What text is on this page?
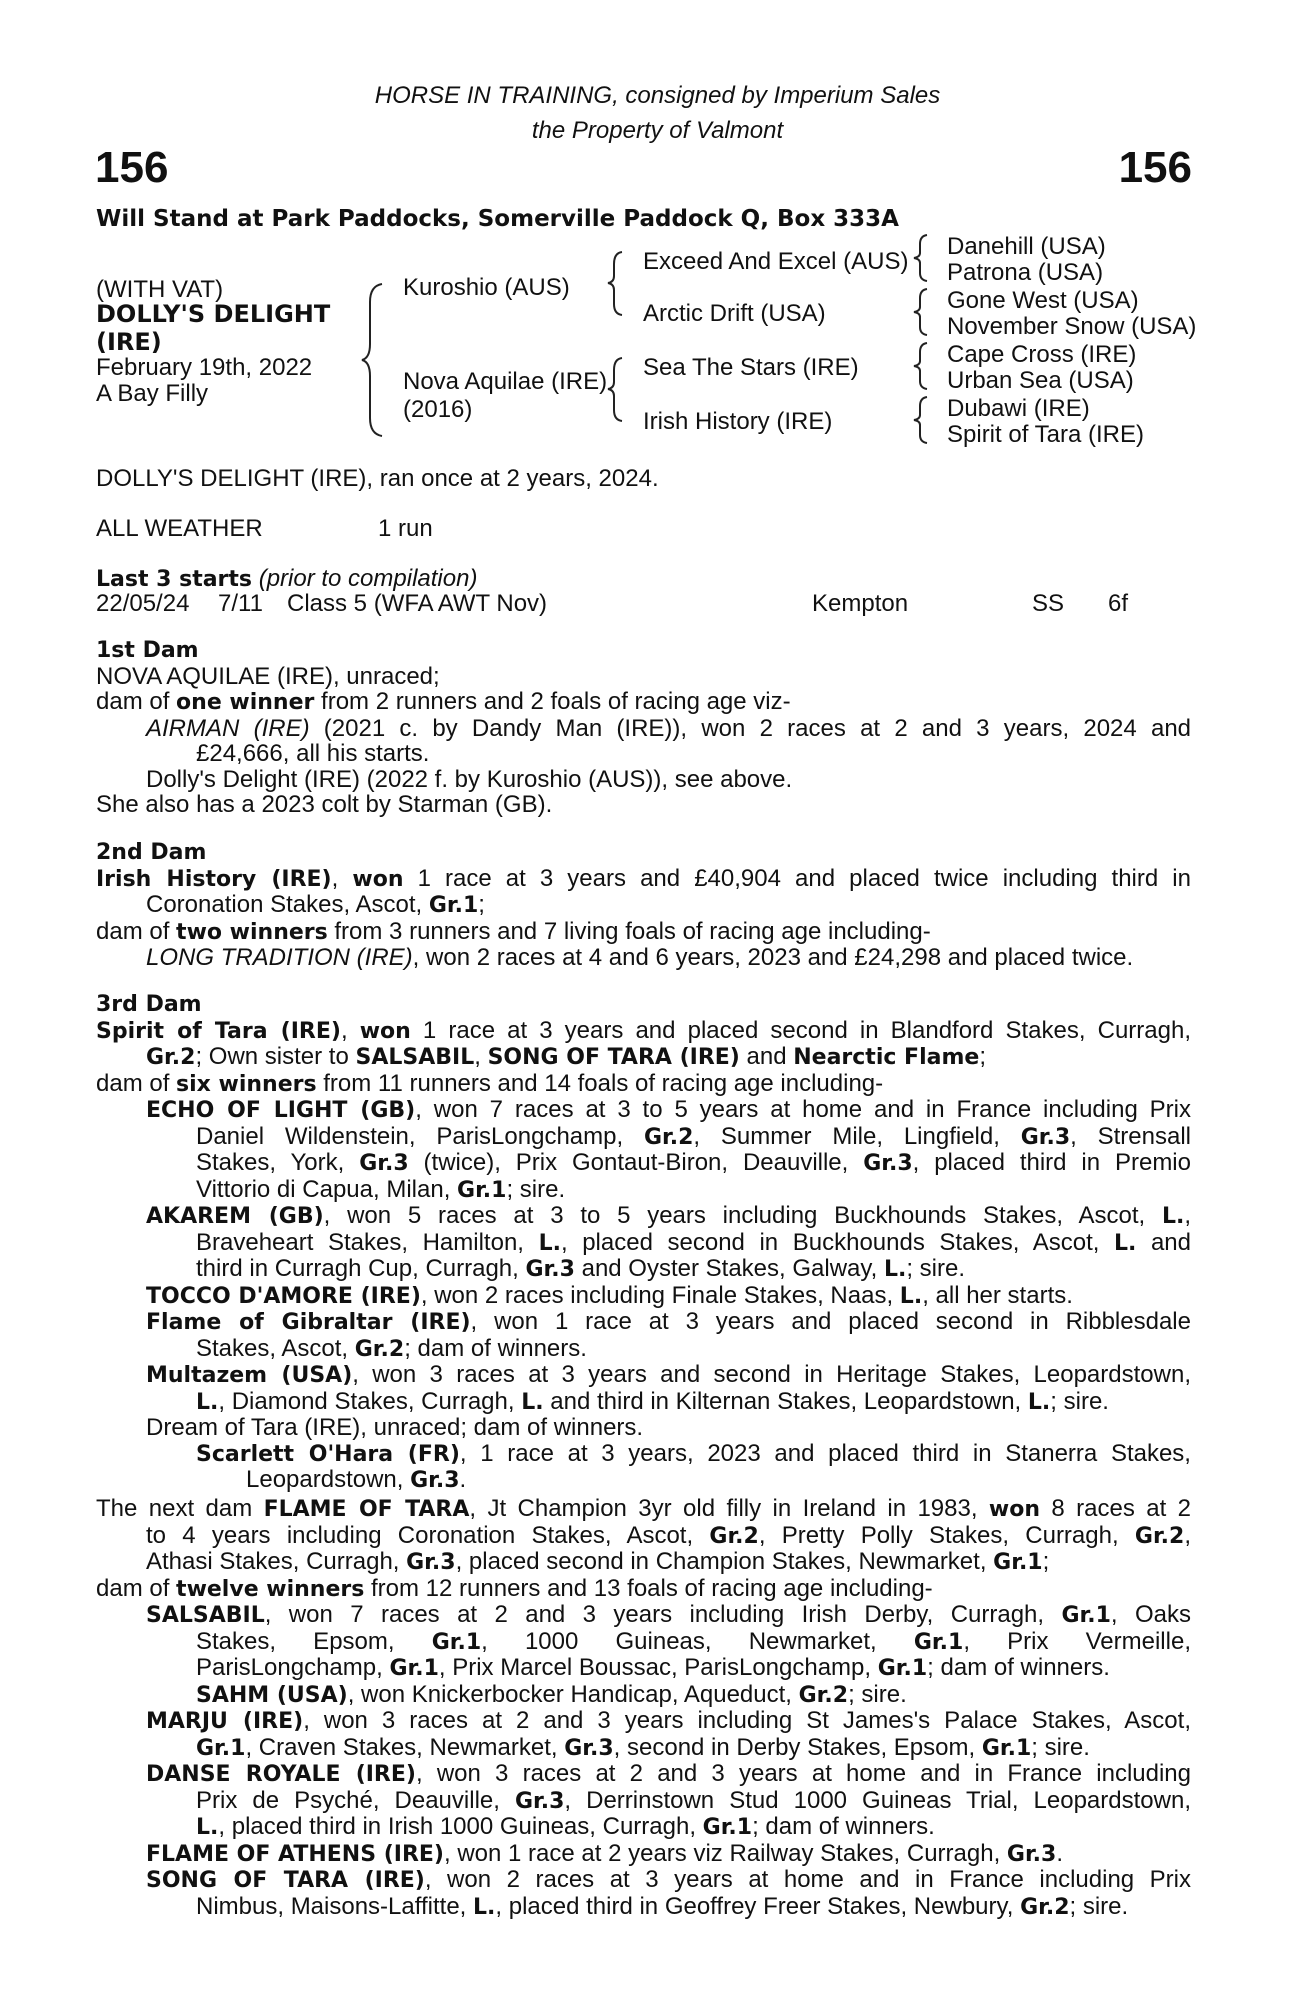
HORSE IN TRAINING, consigned by Imperium Sales
the Property of Valmont
156	156
Will Stand at Park Paddocks, Somerville Paddock Q, Box 333A
(WITH VAT)
DOLLY'S DELIGHT
(IRE)
February 19th, 2022
A Bay Filly
Kuroshio (AUS)
Nova Aquilae (IRE)
(2016)
Exceed And Excel (AUS)
Arctic Drift (USA)
Sea The Stars (IRE)
Irish History (IRE)
Danehill (USA)
Patrona (USA)
Gone West (USA)
November Snow (USA)
Cape Cross (IRE)
Urban Sea (USA)
Dubawi (IRE)
Spirit of Tara (IRE)
DOLLY'S DELIGHT (IRE), ran once at 2 years, 2024.
ALL WEATHER	1 run
Last 3 starts (prior to compilation)
22/05/24 7/11 Class 5 (WFA AWT Nov)	Kempton	SS 6f
1st Dam
NOVA AQUILAE (IRE), unraced;
dam of one winner from 2 runners and 2 foals of racing age viz-
AIRMAN (IRE) (2021 c. by Dandy Man (IRE)), won 2 races at 2 and 3 years, 2024 and
£24,666, all his starts.
Dolly's Delight (IRE) (2022 f. by Kuroshio (AUS)), see above.
She also has a 2023 colt by Starman (GB).
2nd Dam
Irish History (IRE), won 1 race at 3 years and £40,904 and placed twice including third in
Coronation Stakes, Ascot, Gr.1;
dam of two winners from 3 runners and 7 living foals of racing age including-
LONG TRADITION (IRE), won 2 races at 4 and 6 years, 2023 and £24,298 and placed twice.
3rd Dam
Spirit of Tara (IRE), won 1 race at 3 years and placed second in Blandford Stakes, Curragh,
Gr.2; Own sister to SALSABIL, SONG OF TARA (IRE) and Nearctic Flame;
dam of six winners from 11 runners and 14 foals of racing age including-
ECHO OF LIGHT (GB), won 7 races at 3 to 5 years at home and in France including Prix
Daniel Wildenstein, ParisLongchamp, Gr.2, Summer Mile, Lingfield, Gr.3, Strensall
Stakes, York, Gr.3 (twice), Prix Gontaut-Biron, Deauville, Gr.3, placed third in Premio
Vittorio di Capua, Milan, Gr.1; sire.
AKAREM (GB), won 5 races at 3 to 5 years including Buckhounds Stakes, Ascot, L.,
Braveheart Stakes, Hamilton, L., placed second in Buckhounds Stakes, Ascot, L. and
third in Curragh Cup, Curragh, Gr.3 and Oyster Stakes, Galway, L.; sire.
TOCCO D'AMORE (IRE), won 2 races including Finale Stakes, Naas, L., all her starts.
Flame of Gibraltar (IRE), won 1 race at 3 years and placed second in Ribblesdale
Stakes, Ascot, Gr.2; dam of winners.
Multazem (USA), won 3 races at 3 years and second in Heritage Stakes, Leopardstown,
L., Diamond Stakes, Curragh, L. and third in Kilternan Stakes, Leopardstown, L.; sire.
Dream of Tara (IRE), unraced; dam of winners.
Scarlett O'Hara (FR), 1 race at 3 years, 2023 and placed third in Stanerra Stakes,
Leopardstown, Gr.3.
The next dam FLAME OF TARA, Jt Champion 3yr old filly in Ireland in 1983, won 8 races at 2
to 4 years including Coronation Stakes, Ascot, Gr.2, Pretty Polly Stakes, Curragh, Gr.2,
Athasi Stakes, Curragh, Gr.3, placed second in Champion Stakes, Newmarket, Gr.1;
dam of twelve winners from 12 runners and 13 foals of racing age including-
SALSABIL, won 7 races at 2 and 3 years including Irish Derby, Curragh, Gr.1, Oaks
Stakes, Epsom, Gr.1, 1000 Guineas, Newmarket, Gr.1, Prix Vermeille,
ParisLongchamp, Gr.1, Prix Marcel Boussac, ParisLongchamp, Gr.1; dam of winners.
SAHM (USA), won Knickerbocker Handicap, Aqueduct, Gr.2; sire.
MARJU (IRE), won 3 races at 2 and 3 years including St James's Palace Stakes, Ascot,
Gr.1, Craven Stakes, Newmarket, Gr.3, second in Derby Stakes, Epsom, Gr.1; sire.
DANSE ROYALE (IRE), won 3 races at 2 and 3 years at home and in France including
Prix de Psyché, Deauville, Gr.3, Derrinstown Stud 1000 Guineas Trial, Leopardstown,
L., placed third in Irish 1000 Guineas, Curragh, Gr.1; dam of winners.
FLAME OF ATHENS (IRE), won 1 race at 2 years viz Railway Stakes, Curragh, Gr.3.
SONG OF TARA (IRE), won 2 races at 3 years at home and in France including Prix
Nimbus, Maisons-Laffitte, L., placed third in Geoffrey Freer Stakes, Newbury, Gr.2; sire.
